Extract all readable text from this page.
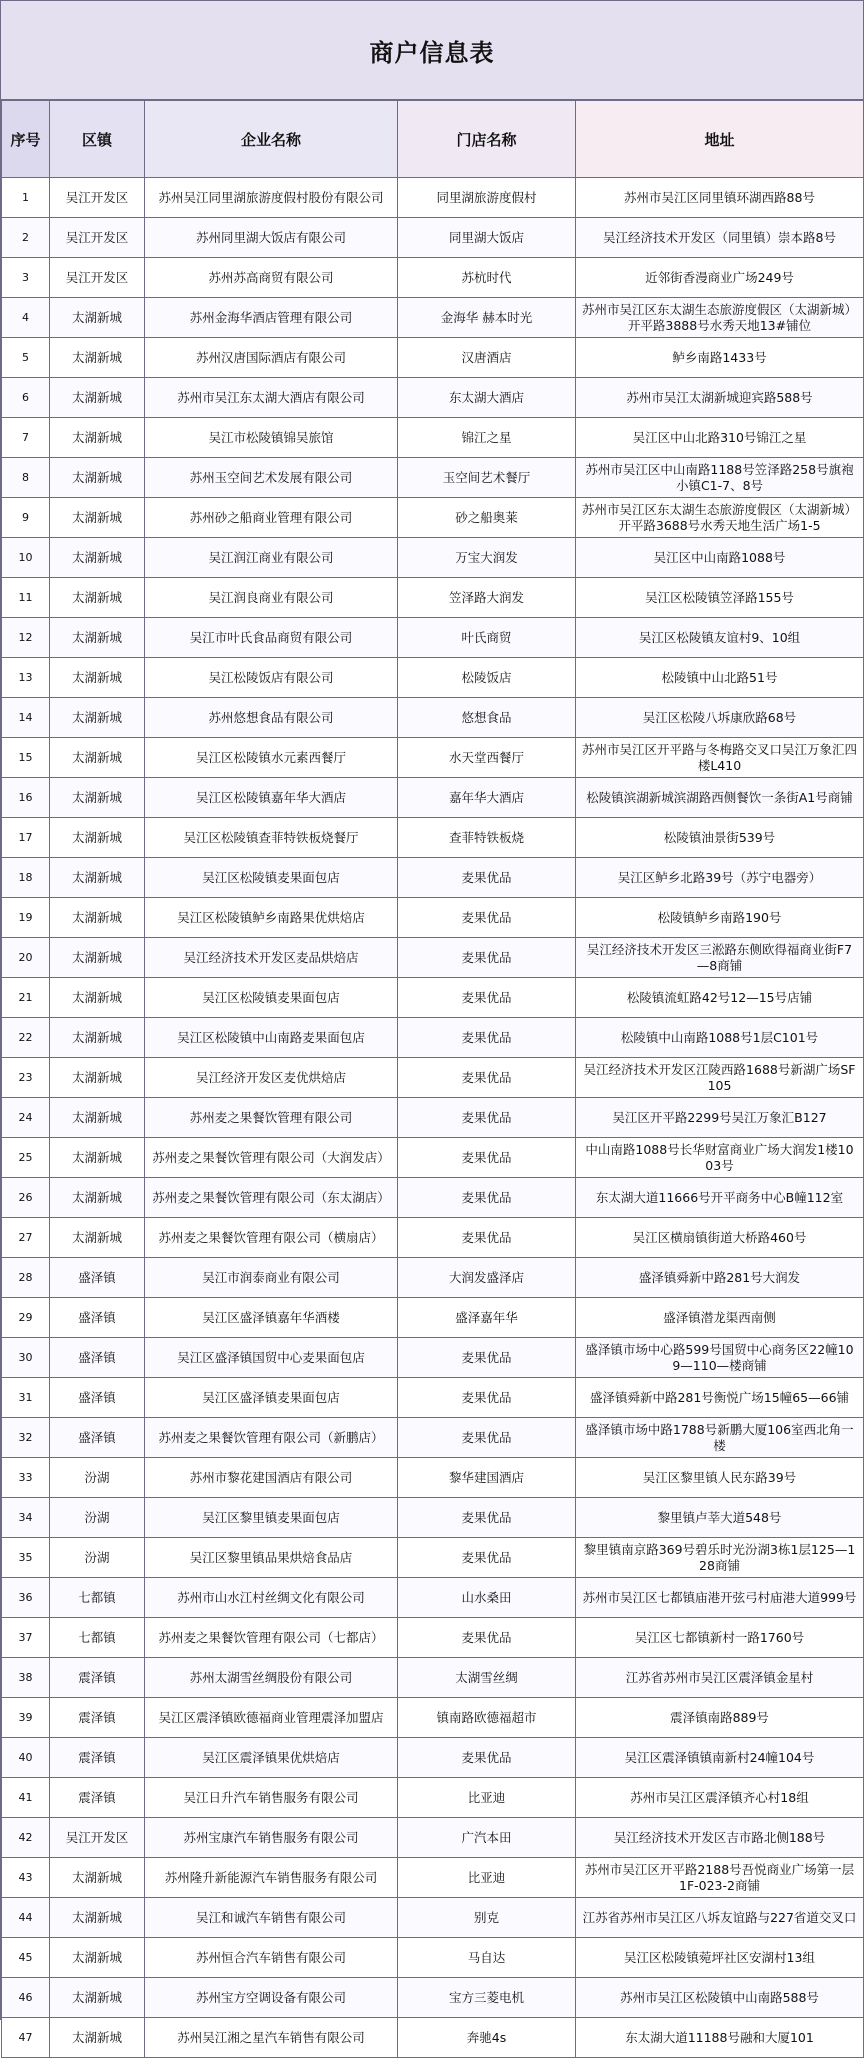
商户信息表
序号	区镇	企业名称	门店名称	地址
1	吴江开发区	苏州吴江同里湖旅游度假村股份有限公司	同里湖旅游度假村	苏州市吴江区同里镇环湖西路88号
2	吴江开发区	苏州同里湖大饭店有限公司	同里湖大饭店	吴江经济技术开发区（同里镇）崇本路8号
3	吴江开发区	苏州苏高商贸有限公司	苏杭时代	近邻街香漫商业广场249号
4	太湖新城	苏州金海华酒店管理有限公司	金海华 赫本时光	苏州市吴江区东太湖生态旅游度假区（太湖新城）开平路3888号水秀天地13#铺位
5	太湖新城	苏州汉唐国际酒店有限公司	汉唐酒店	鲈乡南路1433号
6	太湖新城	苏州市吴江东太湖大酒店有限公司	东太湖大酒店	苏州市吴江太湖新城迎宾路588号
7	太湖新城	吴江市松陵镇锦吴旅馆	锦江之星	吴江区中山北路310号锦江之星
8	太湖新城	苏州玉空间艺术发展有限公司	玉空间艺术餐厅	苏州市吴江区中山南路1188号笠泽路258号旗袍小镇C1-7、8号
9	太湖新城	苏州砂之船商业管理有限公司	砂之船奥莱	苏州市吴江区东太湖生态旅游度假区（太湖新城）开平路3688号水秀天地生活广场1-5
10	太湖新城	吴江润江商业有限公司	万宝大润发	吴江区中山南路1088号
11	太湖新城	吴江润良商业有限公司	笠泽路大润发	吴江区松陵镇笠泽路155号
12	太湖新城	吴江市叶氏食品商贸有限公司	叶氏商贸	吴江区松陵镇友谊村9、10组
13	太湖新城	吴江松陵饭店有限公司	松陵饭店	松陵镇中山北路51号
14	太湖新城	苏州悠想食品有限公司	悠想食品	吴江区松陵八坼康欣路68号
15	太湖新城	吴江区松陵镇水元素西餐厅	水天堂西餐厅	苏州市吴江区开平路与冬梅路交叉口吴江万象汇四楼L410
16	太湖新城	吴江区松陵镇嘉年华大酒店	嘉年华大酒店	松陵镇滨湖新城滨湖路西侧餐饮一条街A1号商铺
17	太湖新城	吴江区松陵镇查菲特铁板烧餐厅	查菲特铁板烧	松陵镇油景街539号
18	太湖新城	吴江区松陵镇麦果面包店	麦果优品	吴江区鲈乡北路39号（苏宁电器旁）
19	太湖新城	吴江区松陵镇鲈乡南路果优烘焙店	麦果优品	松陵镇鲈乡南路190号
20	太湖新城	吴江经济技术开发区麦品烘焙店	麦果优品	吴江经济技术开发区三淞路东侧欧得福商业街F7—8商铺
21	太湖新城	吴江区松陵镇麦果面包店	麦果优品	松陵镇流虹路42号12—15号店铺
22	太湖新城	吴江区松陵镇中山南路麦果面包店	麦果优品	松陵镇中山南路1088号1层C101号
23	太湖新城	吴江经济开发区麦优烘焙店	麦果优品	吴江经济技术开发区江陵西路1688号新湖广场SF105
24	太湖新城	苏州麦之果餐饮管理有限公司	麦果优品	吴江区开平路2299号吴江万象汇B127
25	太湖新城	苏州麦之果餐饮管理有限公司（大润发店）	麦果优品	中山南路1088号长华财富商业广场大润发1楼1003号
26	太湖新城	苏州麦之果餐饮管理有限公司（东太湖店）	麦果优品	东太湖大道11666号开平商务中心B幢112室
27	太湖新城	苏州麦之果餐饮管理有限公司（横扇店）	麦果优品	吴江区横扇镇街道大桥路460号
28	盛泽镇	吴江市润泰商业有限公司	大润发盛泽店	盛泽镇舜新中路281号大润发
29	盛泽镇	吴江区盛泽镇嘉年华酒楼	盛泽嘉年华	盛泽镇潜龙渠西南侧
30	盛泽镇	吴江区盛泽镇国贸中心麦果面包店	麦果优品	盛泽镇市场中心路599号国贸中心商务区22幢109—110—楼商铺
31	盛泽镇	吴江区盛泽镇麦果面包店	麦果优品	盛泽镇舜新中路281号衡悦广场15幢65—66铺
32	盛泽镇	苏州麦之果餐饮管理有限公司（新鹏店）	麦果优品	盛泽镇市场中路1788号新鹏大厦106室西北角一楼
33	汾湖	苏州市黎花建国酒店有限公司	黎华建国酒店	吴江区黎里镇人民东路39号
34	汾湖	吴江区黎里镇麦果面包店	麦果优品	黎里镇卢莘大道548号
35	汾湖	吴江区黎里镇品果烘焙食品店	麦果优品	黎里镇南京路369号碧乐时光汾湖3栋1层125—128商铺
36	七都镇	苏州市山水江村丝绸文化有限公司	山水桑田	苏州市吴江区七都镇庙港开弦弓村庙港大道999号
37	七都镇	苏州麦之果餐饮管理有限公司（七都店）	麦果优品	吴江区七都镇新村一路1760号
38	震泽镇	苏州太湖雪丝绸股份有限公司	太湖雪丝绸	江苏省苏州市吴江区震泽镇金星村
39	震泽镇	吴江区震泽镇欧德福商业管理震泽加盟店	镇南路欧德福超市	震泽镇南路889号
40	震泽镇	吴江区震泽镇果优烘焙店	麦果优品	吴江区震泽镇镇南新村24幢104号
41	震泽镇	吴江日升汽车销售服务有限公司	比亚迪	苏州市吴江区震泽镇齐心村18组
42	吴江开发区	苏州宝康汽车销售服务有限公司	广汽本田	吴江经济技术开发区吉市路北侧188号
43	太湖新城	苏州隆升新能源汽车销售服务有限公司	比亚迪	苏州市吴江区开平路2188号吾悦商业广场第一层1F-023-2商铺
44	太湖新城	吴江和诚汽车销售有限公司	别克	江苏省苏州市吴江区八坼友谊路与227省道交叉口
45	太湖新城	苏州恒合汽车销售有限公司	马自达	吴江区松陵镇菀坪社区安湖村13组
46	太湖新城	苏州宝方空调设备有限公司	宝方三菱电机	苏州市吴江区松陵镇中山南路588号
47	太湖新城	苏州吴江湘之星汽车销售有限公司	奔驰4s	东太湖大道11188号融和大厦101
